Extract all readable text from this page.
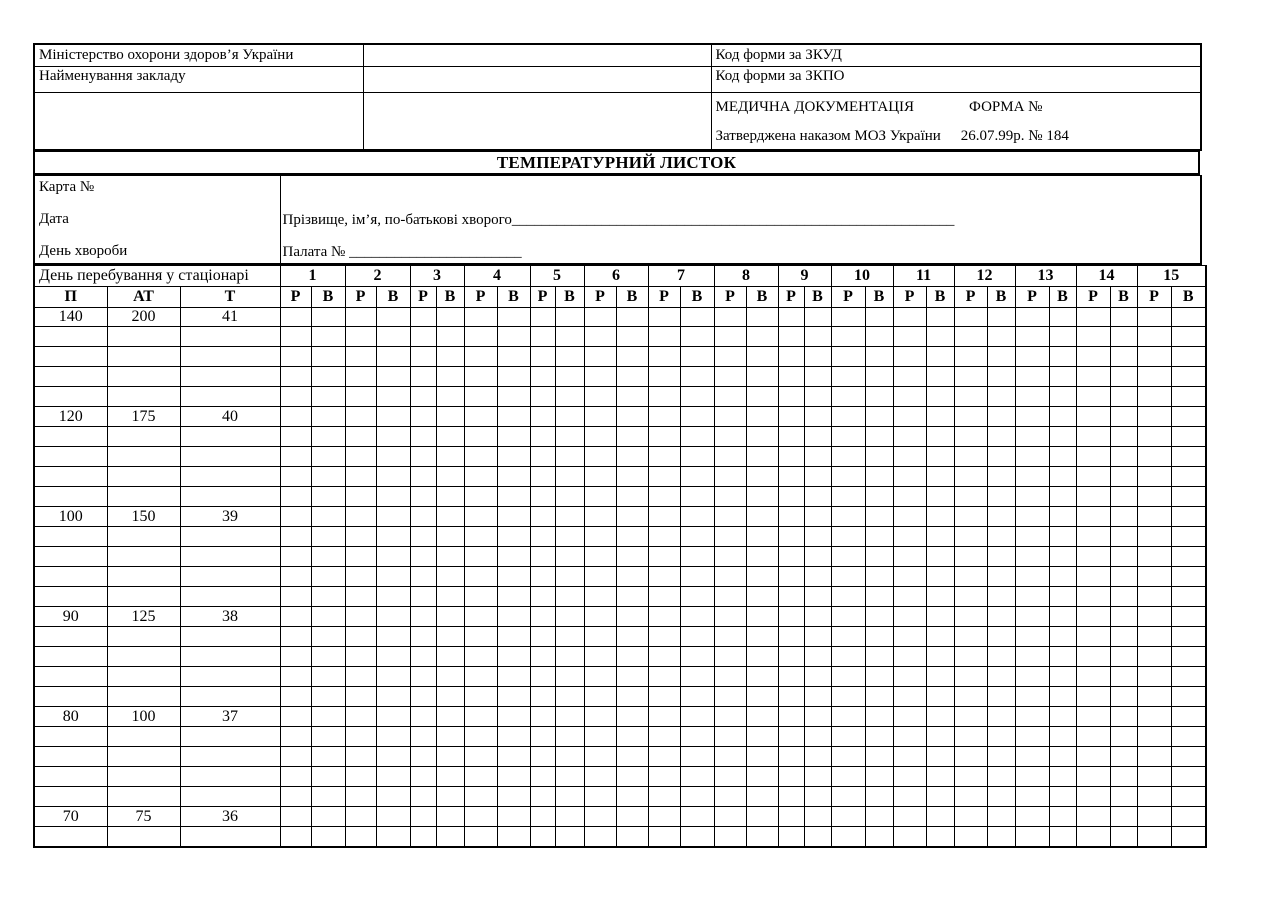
Міністерство охорони здоров’я України		Код форми за ЗКУД
Найменування закладу		Код форми за ЗКПО

		МЕДИЧНА ДОКУМЕНТАЦІЯ ФОРМА №
Затверджена наказом МОЗ України 26.07.99р. № 184
ТЕМПЕРАТУРНИЙ ЛИСТОК
Карта №
Дата
День хвороби

Прізвище, ім’я, по-батькові хворого___________________________________________________________
Палата № _______________________
День перебування у стаціонарі			1		2		3		4		5		6		7		8		9		10		11		12		13		14		15	
П	АТ	Т	Р	В	Р	В	Р	В	Р	В	Р	В	Р	В	Р	В	Р	В	Р	В	Р	В	Р	В	Р	В	Р	В	Р	В	Р	В
140	200	41																														

120	175	40																														

100	150	39																														

90	125	38																														

80	100	37																														

70	75	36																														
